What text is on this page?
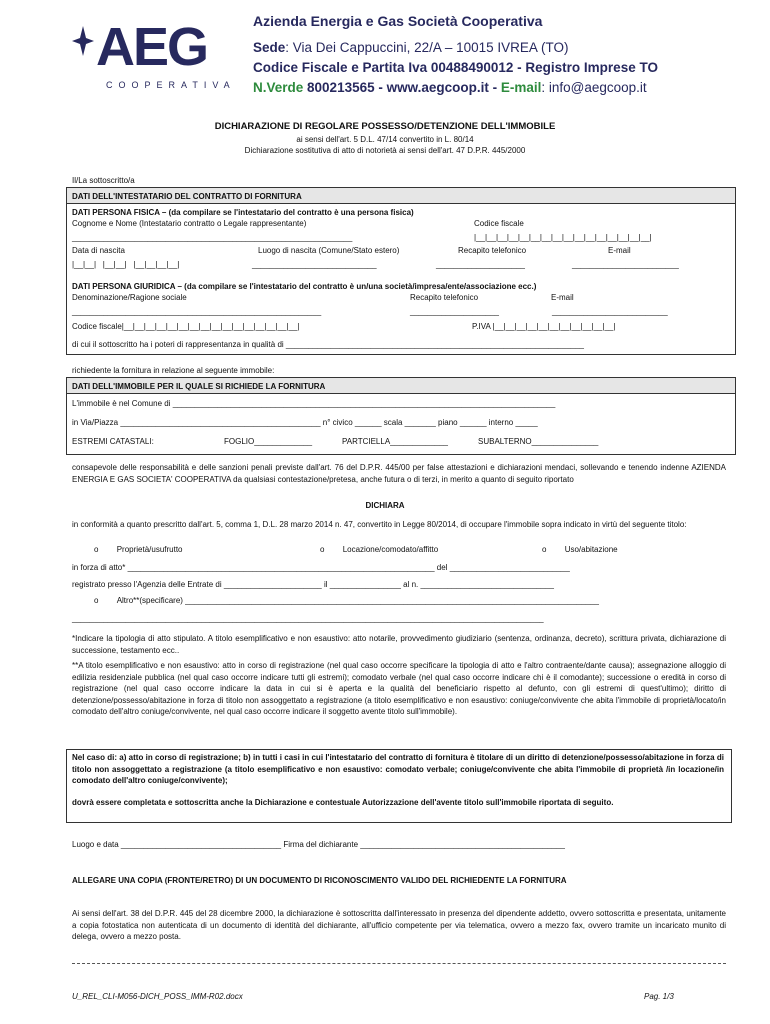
AEG
COOPERATIVA
Azienda Energia e Gas Società Cooperativa
Sede: Via Dei Cappuccini, 22/A – 10015 IVREA (TO)
Codice Fiscale e Partita Iva 00488490012 - Registro Imprese TO
N.Verde 800213565 - www.aegcoop.it - E-mail: info@aegcoop.it
DICHIARAZIONE DI REGOLARE POSSESSO/DETENZIONE DELL'IMMOBILE
ai sensi dell'art. 5 D.L. 47/14 convertito in L. 80/14
Dichiarazione sostitutiva di atto di notorietà ai sensi dell'art. 47 D.P.R. 445/2000
Il/La sottoscritto/a
DATI DELL'INTESTATARIO DEL CONTRATTO DI FORNITURA
DATI PERSONA FISICA – (da compilare se l'intestatario del contratto è una persona fisica)
Cognome e Nome (Intestatario contratto o Legale rappresentante)	Codice fiscale
_______________________________________________________________	|__|__|__|__|__|__|__|__|__|__|__|__|__|__|__|__|
Data di nascita	Luogo di nascita (Comune/Stato estero)	Recapito telefonico	E-mail
|__|__|   |__|__|   |__|__|__|__|	____________________________	____________________	________________________
DATI PERSONA GIURIDICA – (da compilare se l'intestatario del contratto è un/una società/impresa/ente/associazione ecc.)
Denominazione/Ragione sociale	Recapito telefonico	E-mail
________________________________________________________	____________________	__________________________
Codice fiscale|__|__|__|__|__|__|__|__|__|__|__|__|__|__|__|__|	P.IVA |__|__|__|__|__|__|__|__|__|__|__|
di cui il sottoscritto ha i poteri di rappresentanza in qualità di ___________________________________________________________________
richiedente la fornitura in relazione al seguente immobile:
DATI DELL'IMMOBILE PER IL QUALE SI RICHIEDE LA FORNITURA
L'immobile è nel Comune di ______________________________________________________________________________________
in Via/Piazza _____________________________________________ n° civico ______ scala _______ piano ______ interno _____
ESTREMI CATASTALI:	FOGLIO_____________	PARTCIELLA_____________	SUBALTERNO_______________
consapevole delle responsabilità e delle sanzioni penali previste dall'art. 76 del D.P.R. 445/00 per false attestazioni e dichiarazioni mendaci, sollevando e tenendo indenne AZIENDA ENERGIA E GAS SOCIETA' COOPERATIVA da qualsiasi contestazione/pretesa, anche futura o di terzi, in merito a quanto di seguito riportato
DICHIARA
in conformità a quanto prescritto dall'art. 5, comma 1, D.L. 28 marzo 2014 n. 47, convertito in Legge 80/2014, di occupare l'immobile sopra indicato in virtù del seguente titolo:
o Proprietà/usufrutto	o Locazione/comodato/affitto	o Uso/abitazione
in forza di atto* _____________________________________________________________________ del ___________________________
registrato presso l'Agenzia delle Entrate di ______________________ il ________________ al n. ______________________________
o Altro**(specificare) _____________________________________________________________________________________________
__________________________________________________________________________________________________________
*Indicare la tipologia di atto stipulato. A titolo esemplificativo e non esaustivo: atto notarile, provvedimento giudiziario (sentenza, ordinanza, decreto), scrittura privata, dichiarazione di successione, testamento ecc..
**A titolo esemplificativo e non esaustivo: atto in corso di registrazione (nel qual caso occorre specificare la tipologia di atto e l'altro contraente/dante causa); assegnazione alloggio di edilizia residenziale pubblica (nel qual caso occorre indicare tutti gli estremi); comodato verbale (nel qual caso occorre indicare chi è il comodante); successione o eredità in corso di registrazione (nel qual caso occorre indicare la data in cui si è aperta e la qualità del beneficiario rispetto al defunto, con gli estremi di quest'ultimo); diritto di detenzione/possesso/abitazione in forza di titolo non assoggettato a registrazione (a titolo esemplificativo e non esaustivo: coniuge/convivente che abita l'immobile di proprietà/locato/in comodato dell'altro coniuge/convivente, nel qual caso occorre indicare il soggetto avente titolo sull'immobile).
Nel caso di: a) atto in corso di registrazione; b) in tutti i casi in cui l'intestatario del contratto di fornitura è titolare di un diritto di detenzione/possesso/abitazione in forza di titolo non assoggettato a registrazione (a titolo esemplificativo e non esaustivo: comodato verbale; coniuge/convivente che abita l'immobile di proprietà /in locazione/in comodato dell'altro coniuge/convivente);
dovrà essere completata e sottoscritta anche la Dichiarazione e contestuale Autorizzazione dell'avente titolo sull'immobile riportata di seguito.
Luogo e data ____________________________________ Firma del dichiarante ______________________________________________
ALLEGARE UNA COPIA (FRONTE/RETRO) DI UN DOCUMENTO DI RICONOSCIMENTO VALIDO DEL RICHIEDENTE LA FORNITURA
Ai sensi dell'art. 38 del D.P.R. 445 del 28 dicembre 2000, la dichiarazione è sottoscritta dall'interessato in presenza del dipendente addetto, ovvero sottoscritta e presentata, unitamente a copia fotostatica non autenticata di un documento di identità del dichiarante, all'ufficio competente per via telematica, ovvero a mezzo fax, ovvero tramite un incaricato munito di delega, ovvero a mezzo posta.
U_REL_CLI-M056-DICH_POSS_IMM-R02.docx	Pag. 1/3
